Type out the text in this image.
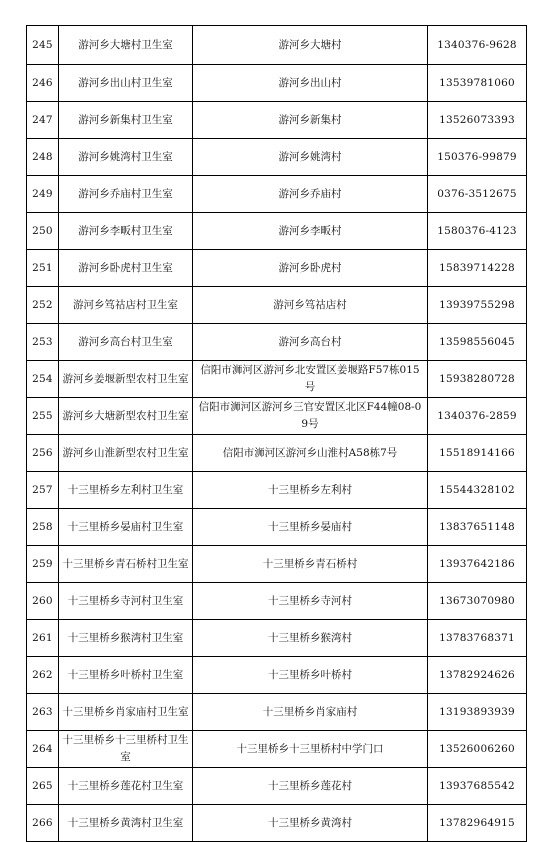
245	游河乡大塘村卫生室	游河乡大塘村	1340376-9628
246	游河乡出山村卫生室	游河乡出山村	13539781060
247	游河乡新集村卫生室	游河乡新集村	13526073393
248	游河乡姚湾村卫生室	游河乡姚湾村	150376-99879
249	游河乡乔庙村卫生室	游河乡乔庙村	0376-3512675
250	游河乡李畈村卫生室	游河乡李畈村	1580376-4123
251	游河乡卧虎村卫生室	游河乡卧虎村	15839714228
252	游河乡笃祜店村卫生室	游河乡笃祜店村	13939755298
253	游河乡高台村卫生室	游河乡高台村	13598556045
254	游河乡姜堰新型农村卫生室	信阳市浉河区游河乡北安置区姜堰路F57栋015号	15938280728
255	游河乡大塘新型农村卫生室	信阳市浉河区游河乡三官安置区北区F44幢08-09号	1340376-2859
256	游河乡山淮新型农村卫生室	信阳市浉河区游河乡山淮村A58栋7号	15518914166
257	十三里桥乡左利村卫生室	十三里桥乡左利村	15544328102
258	十三里桥乡晏庙村卫生室	十三里桥乡晏庙村	13837651148
259	十三里桥乡青石桥村卫生室	十三里桥乡青石桥村	13937642186
260	十三里桥乡寺河村卫生室	十三里桥乡寺河村	13673070980
261	十三里桥乡猴湾村卫生室	十三里桥乡猴湾村	13783768371
262	十三里桥乡叶桥村卫生室	十三里桥乡叶桥村	13782924626
263	十三里桥乡肖家庙村卫生室	十三里桥乡肖家庙村	13193893939
264	十三里桥乡十三里桥村卫生室	十三里桥乡十三里桥村中学门口	13526006260
265	十三里桥乡莲花村卫生室	十三里桥乡莲花村	13937685542
266	十三里桥乡黄湾村卫生室	十三里桥乡黄湾村	13782964915
